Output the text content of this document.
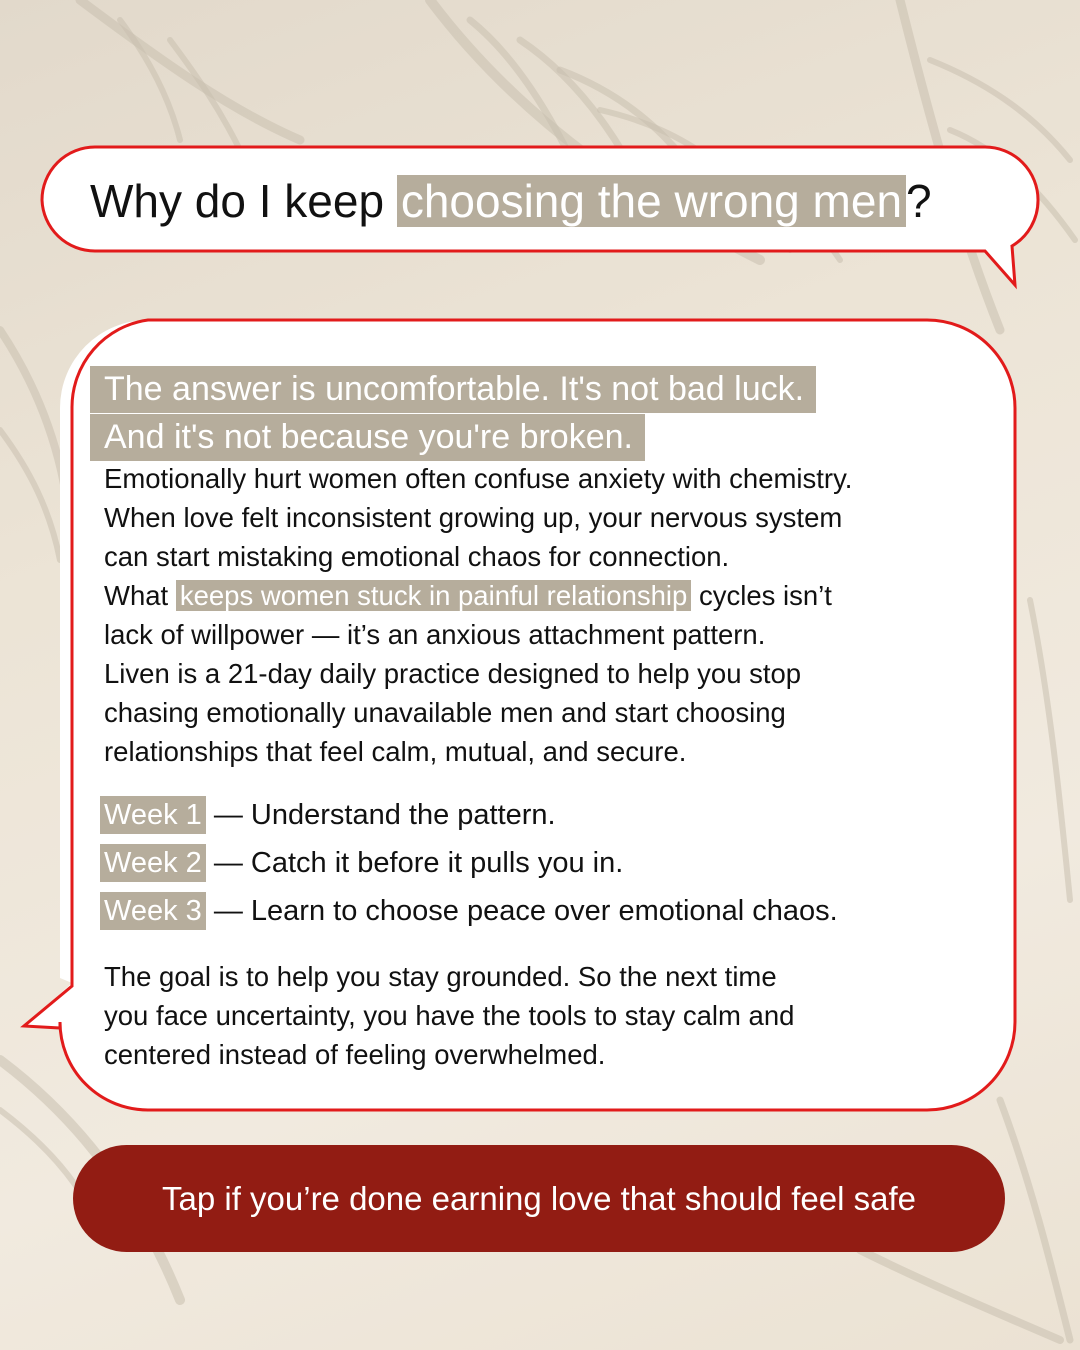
Why do I keep choosing the wrong men?
The answer is uncomfortable. It's not bad luck.
And it's not because you're broken.

Emotionally hurt women often confuse anxiety with chemistry.

When love felt inconsistent growing up, your nervous system

can start mistaking emotional chaos for connection.

What keeps women stuck in painful relationship cycles isn’t

lack of willpower — it’s an anxious attachment pattern.

Liven is a 21-day daily practice designed to help you stop

chasing emotionally unavailable men and start choosing

relationships that feel calm, mutual, and secure.

Week 1 — Understand the pattern.
Week 2 — Catch it before it pulls you in.
Week 3 — Learn to choose peace over emotional chaos.

The goal is to help you stay grounded. So the next time

you face uncertainty, you have the tools to stay calm and

centered instead of feeling overwhelmed.

Tap if you’re done earning love that should feel safe
